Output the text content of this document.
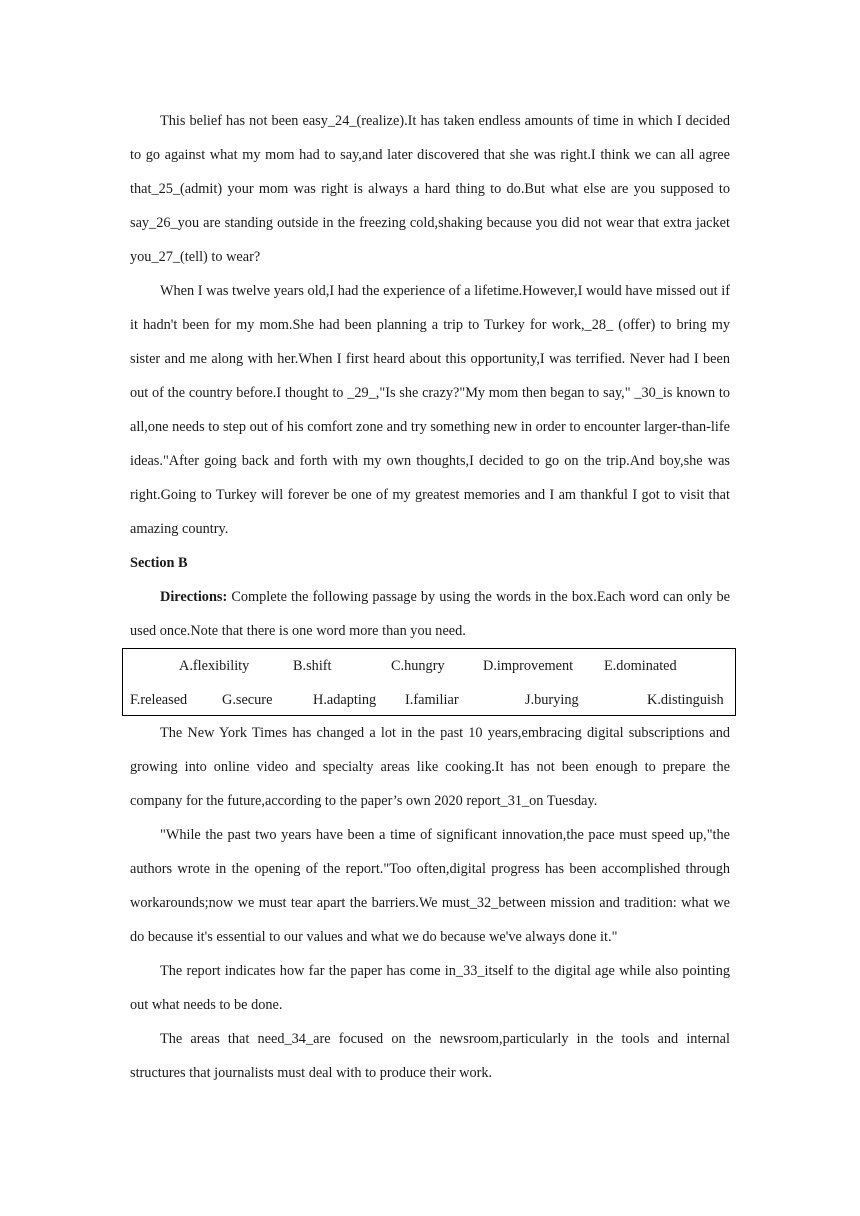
This belief has not been easy_24_(realize).It has taken endless amounts of time in which I decided to go against what my mom had to say,and later discovered that she was right.I think we can all agree that_25_(admit) your mom was right is always a hard thing to do.But what else are you supposed to say_26_you are standing outside in the freezing cold,shaking because you did not wear that extra jacket you_27_(tell) to wear?

When I was twelve years old,I had the experience of a lifetime.However,I would have missed out if it hadn't been for my mom.She had been planning a trip to Turkey for work,_28_ (offer) to bring my sister and me along with her.When I first heard about this opportunity,I was terrified. Never had I been out of the country before.I thought to _29_,"Is she crazy?"My mom then began to say," _30_is known to all,one needs to step out of his comfort zone and try something new in order to encounter larger-than-life ideas."After going back and forth with my own thoughts,I decided to go on the trip.And boy,she was right.Going to Turkey will forever be one of my greatest memories and I am thankful I got to visit that amazing country.

Section B

Directions: Complete the following passage by using the words in the box.Each word can only be used once.Note that there is one word more than you need.

A.flexibility	B.shift	C.hungry	D.improvement E.dominated
F.released G.secure	H.adapting I.familiar	J.burying	K.distinguish

The New York Times has changed a lot in the past 10 years,embracing digital subscriptions and growing into online video and specialty areas like cooking.It has not been enough to prepare the company for the future,according to the paper’s own 2020 report_31_on Tuesday.

"While the past two years have been a time of significant innovation,the pace must speed up,"the authors wrote in the opening of the report."Too often,digital progress has been accomplished through workarounds;now we must tear apart the barriers.We must_32_between mission and tradition: what we do because it's essential to our values and what we do because we've always done it."

The report indicates how far the paper has come in_33_itself to the digital age while also pointing out what needs to be done.

The areas that need_34_are focused on the newsroom,particularly in the tools and internal structures that journalists must deal with to produce their work.
